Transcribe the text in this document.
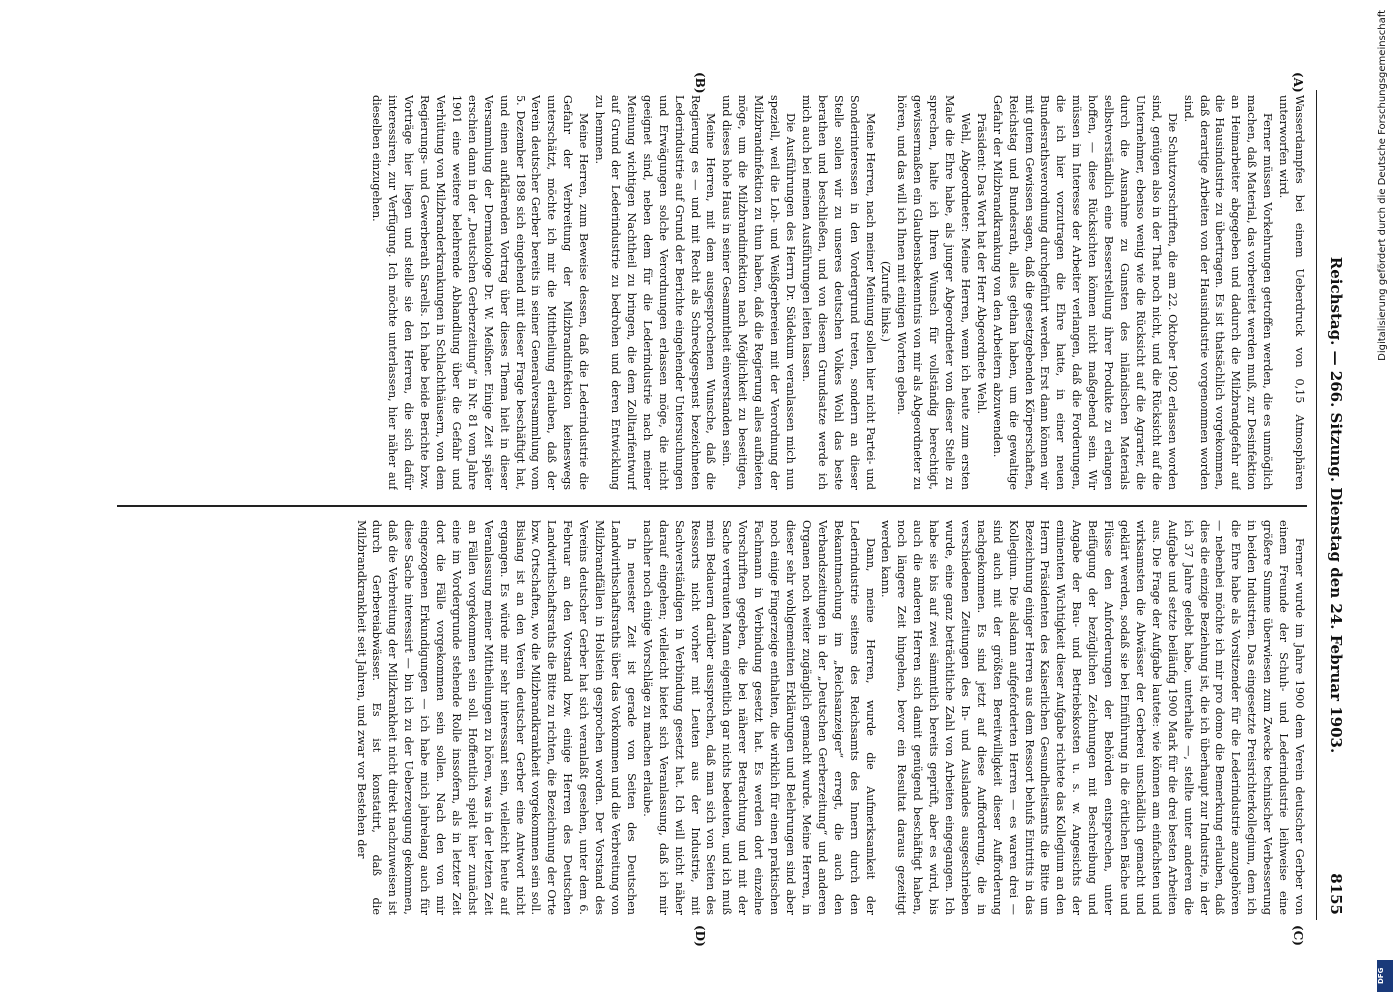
Reichstag. — 266. Sitzung. Dienstag den 24. Februar 1903.
8155
(A)
(B)
(C)
(D)

Wasserdampfes bei einem Ueberdruck von 0,15 Atmosphären unterworfen wird.

Ferner müssen Vorkehrungen getroffen werden, die es unmöglich machen, daß Material, das vorbereitet werden muß, zur Desinfektion an Heimarbeiter abgegeben und dadurch die Milzbrandgefahr auf die Hausindustrie zu übertragen. Es ist thatsächlich vorgekommen, daß derartige Arbeiten von der Hausindustrie vorgenommen worden sind.

Die Schutzvorschriften, die am 22. Oktober 1902 erlassen worden sind, genügen also in der That noch nicht, und die Rücksicht auf die Unternehmer, ebenso wenig wie die Rücksicht auf die Agrarier, die durch die Ausnahme zu Gunsten des inländischen Materials selbstverständlich eine Besserstellung ihrer Produkte zu erlangen hoffen, — diese Rücksichten können nicht maßgebend sein. Wir müssen im Interesse der Arbeiter verlangen, daß die Forderungen, die ich hier vorzutragen die Ehre hatte, in einer neuen Bundesrathsverordnung durchgeführt werden. Erst dann können wir mit gutem Gewissen sagen, daß die gesetzgebenden Körperschaften, Reichstag und Bundesrath, alles gethan haben, um die gewaltige Gefahr der Milzbrandkrankung von den Arbeitern abzuwenden.

Präsident: Das Wort hat der Herr Abgeordnete Wehl.

Wehl, Abgeordneter: Meine Herren, wenn ich heute zum ersten Male die Ehre habe, als junger Abgeordneter von dieser Stelle zu sprechen, halte ich Ihren Wunsch für vollständig berechtigt, gewissermaßen ein Glaubensbekenntnis von mir als Abgeordneter zu hören, und das will ich Ihnen mit einigen Worten geben.

(Zurufe links.)

Meine Herren, nach meiner Meinung sollen hier nicht Partei- und Sonderinteressen in den Vordergrund treten, sondern an dieser Stelle sollen wir zu unseres deutschen Volkes Wohl das beste berathen und beschließen, und von diesem Grundsatze werde ich mich auch bei meinen Ausführungen leiten lassen.

Die Ausführungen des Herrn Dr. Südekum veranlassen mich nun speziell, weil die Loh- und Weißgerbereien mit der Verordnung der Milzbrandinfektion zu thun haben, daß die Regierung alles aufbieten möge, um die Milzbrandinfektion nach Möglichkeit zu beseitigen, und dieses hohe Haus in seiner Gesammtheit einverstanden sein.

Meine Herren, mit dem ausgesprochenen Wunsche, daß die Regierung es — und mit Recht als Schreckgespenst bezeichneten Lederindustrie auf Grund der Berichte eingehender Untersuchungen und Erwägungen solche Verordnungen erlassen möge, die nicht geeignet sind, neben dem für die Lederindustrie nach meiner Meinung wichtigen Nachtheil zu bringen, die dem Zolltarifentwurf auf Grund der Lederindustrie zu bedrohen und deren Entwicklung zu hemmen.

Meine Herren, zum Beweise dessen, daß die Lederindustrie die Gefahr der Verbreitung der Milzbrandinfektion keineswegs unterschätzt, möchte ich mir die Mittheilung erlauben, daß der Verein deutscher Gerber bereits in seiner Generalversammlung vom 5. Dezember 1898 sich eingehend mit dieser Frage beschäftigt hat, und einen aufklärenden Vortrag über dieses Thema hielt in dieser Versammlung der Dermatologe Dr. W. Meißner. Einige Zeit später erschien dann in der „Deutschen Gerberzeitung“ in Nr. 81 vom Jahre 1901 eine weitere belehrende Abhandlung über die Gefahr und Verhütung von Milzbranderkrankungen in Schlachthäusern, von dem Regierungs- und Gewerberath Sarells. Ich habe beide Berichte bzw. Vorträge hier liegen und stelle sie den Herren, die sich dafür interessiren, zur Verfügung. Ich möchte unterlassen, hier näher auf dieselben einzugehen.

Ferner wurde im Jahre 1900 dem Verein deutscher Gerber von einem Freunde der Schuh- und Lederindustrie leihweise eine größere Summe überwiesen zum Zwecke technischer Verbesserung in beiden Industrien. Das eingesetzte Preisrichterkollegium, dem ich die Ehre habe als Vorsitzender für die Lederindustrie anzugehören — nebenbei möchte ich mir pro domo die Bemerkung erlauben, daß dies die einzige Beziehung ist, die ich überhaupt zur Industrie, in der ich 37 Jahre gelebt habe, unterhalte —, stellte unter anderen die Aufgabe und setzte beiläufig 1900 Mark für die drei besten Arbeiten aus. Die Frage der Aufgabe lautete: wie können am einfachsten und wirksamsten die Abwässer der Gerberei unschädlich gemacht und geklärt werden, sodaß sie bei Einführung in die örtlichen Bäche und Flüsse den Anforderungen der Behörden entsprechen, unter Beifügung der bezüglichen Zeichnungen mit Beschreibung und Angabe der Bau- und Betriebskosten u. s. w. Angesichts der eminenten Wichtigkeit dieser Aufgabe richtete das Kollegium an den Herrn Präsidenten des Kaiserlichen Gesundheitsamts die Bitte um Bezeichnung einiger Herren aus dem Ressort behufs Eintritts in das Kollegium. Die alsdann aufgeforderten Herren — es waren drei — sind auch mit der größten Bereitwilligkeit dieser Aufforderung nachgekommen. Es sind jetzt auf diese Aufforderung, die in verschiedenen Zeitungen des In- und Auslandes ausgeschrieben wurde, eine ganz beträchtliche Zahl von Arbeiten eingegangen. Ich habe sie bis auf zwei sämmtlich bereits geprüft, aber es wird, bis auch die anderen Herren sich damit genügend beschäftigt haben, noch längere Zeit hingehen, bevor ein Resultat daraus gezeitigt werden kann.

Dann, meine Herren, wurde die Aufmerksamkeit der Lederindustrie seitens des Reichsamts des Innern durch den Bekanntmachung im „Reichsanzeiger“ erregt, die auch den Verbandszeitungen in der „Deutschen Gerberzeitung“ und anderen Organen noch weiter zugänglich gemacht wurde. Meine Herren, in dieser sehr wohlgemeinten Erklärungen und Belehrungen sind aber noch einige Fingerzeige enthalten, die wirklich für einen praktischen Fachmann in Verbindung gesetzt hat. Es werden dort einzelne Vorschriften gegeben, die bei näherer Betrachtung und mit der Sache vertrauten Mann eigentlich gar nichts bedeuten, und ich muß mein Bedauern darüber aussprechen, daß man sich von Seiten des Ressorts nicht vorher mit Leuten aus der Industrie, mit Sachverständigen in Verbindung gesetzt hat. Ich will nicht näher darauf eingehen; vielleicht bietet sich Veranlassung, daß ich mir nachher noch einige Vorschläge zu machen erlaube.

In neuester Zeit ist gerade von Seiten des Deutschen Landwirthschaftsraths über das Vorkommen und die Verbreitung von Milzbrandfällen in Holstein gesprochen worden. Der Vorstand des Vereins deutscher Gerber hat sich veranlaßt gesehen, unter dem 6. Februar an den Vorstand bzw. einige Herren des Deutschen Landwirthschaftsraths die Bitte zu richten, die Bezeichnung der Orte bzw. Ortschaften, wo die Milzbrandkrankheit vorgekommen sein soll. Bislang ist an den Verein deutscher Gerber eine Antwort nicht ergangen. Es würde mir sehr interessant sein, vielleicht heute auf Veranlassung meiner Mittheilungen zu hören, was in der letzten Zeit an Fällen vorgekommen sein soll. Hoffentlich spielt hier zunächst eine im Vordergrunde stehende Rolle inssofern, als in letzter Zeit dort die Fälle vorgekommen sein sollen. Nach den von mir eingezogenen Erkundigungen — ich habe mich jahrelang auch für diese Sache interessirt — bin ich zu der Ueberzeugung gekommen, daß die Verbreitung der Milzkrankheit nicht direkt nachzuweisen ist durch Gerbereiabwässer. Es ist konstatirt, daß die Milzbrandkrankheit seit Jahren, und zwar vor Bestehen der

Digitalisierung gefördert durch die Deutsche Forschungsgemeinschaft
DFG
